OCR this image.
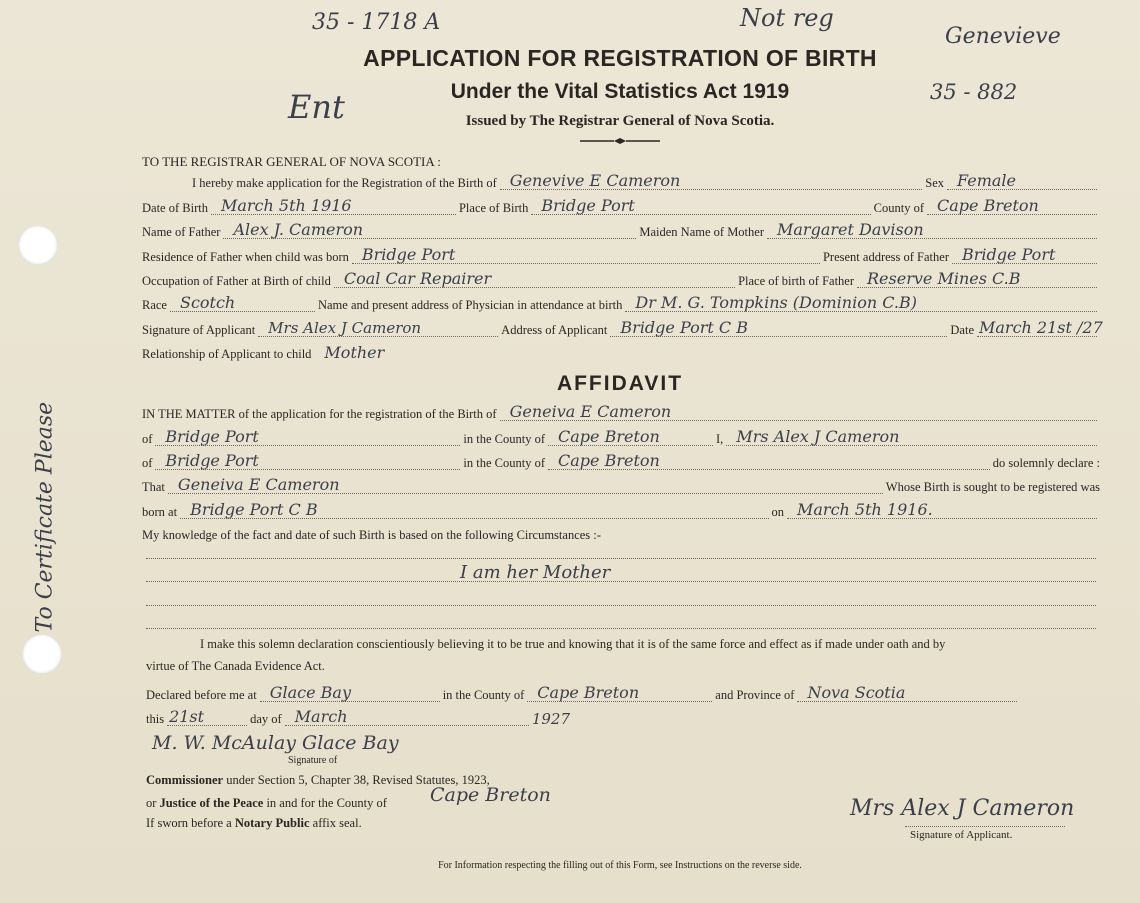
35 - 1718 A	Not reg
Genevieve
Ent	35 - 882
To Certificate Please
APPLICATION FOR REGISTRATION OF BIRTH
Under the Vital Statistics Act 1919
Issued by The Registrar General of Nova Scotia.
TO THE REGISTRAR GENERAL OF NOVA SCOTIA :
I hereby make application for the Registration of the Birth of Genevive E Cameron	Sex Female
Date of Birth March 5th 1916	Place of Birth Bridge Port	County of Cape Breton
Name of Father Alex J. Cameron	Maiden Name of Mother Margaret Davison
Residence of Father when child was born Bridge Port	Present address of Father Bridge Port
Occupation of Father at Birth of child Coal Car Repairer	Place of birth of Father Reserve Mines C.B
Race Scotch	Name and present address of Physician in attendance at birth Dr M. G. Tompkins (Dominion C.B)
Signature of Applicant Mrs Alex J Cameron	Address of Applicant Bridge Port C B	Date March 21st /27
Relationship of Applicant to child Mother
AFFIDAVIT
IN THE MATTER of the application for the registration of the Birth of Geneiva E Cameron
of Bridge Port	in the County of Cape Breton	I, Mrs Alex J Cameron
of Bridge Port	in the County of Cape Breton	do solemnly declare :
That Geneiva E Cameron	Whose Birth is sought to be registered was
born at Bridge Port C B	on March 5th 1916.
My knowledge of the fact and date of such Birth is based on the following Circumstances :-
I am her Mother
I make this solemn declaration conscientiously believing it to be true and knowing that it is of the same force and effect as if made under oath and by
virtue of The Canada Evidence Act.
Declared before me at Glace Bay	in the County of Cape Breton	and Province of Nova Scotia
this 21st	day of March	1927
M. W. McAulay Glace Bay
Signature of
Commissioner under Section 5, Chapter 38, Revised Statutes, 1923,
or Justice of the Peace in and for the County of Cape Breton
If sworn before a Notary Public affix seal.
Mrs Alex J Cameron
Signature of Applicant.
For Information respecting the filling out of this Form, see Instructions on the reverse side.
